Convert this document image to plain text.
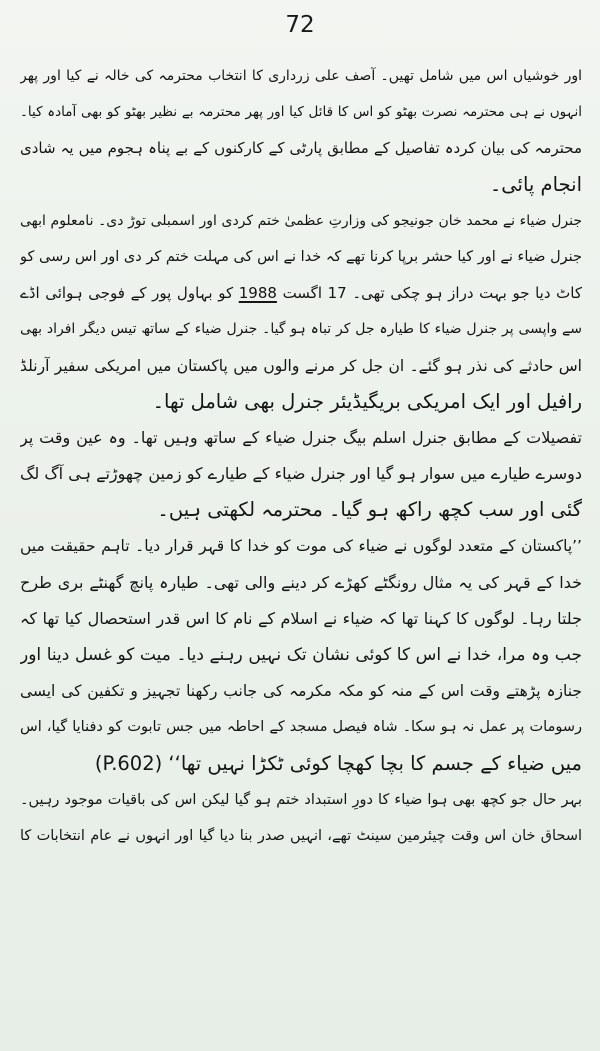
72
اور خوشیاں اس میں شامل تھیں۔ آصف علی زرداری کا انتخاب محترمہ کی خالہ نے کیا اور پھر
انہوں نے ہی محترمہ نصرت بھٹو کو اس کا قائل کیا اور پھر محترمہ بے نظیر بھٹو کو بھی آمادہ کیا۔
محترمہ کی بیان کردہ تفاصیل کے مطابق پارٹی کے کارکنوں کے بے پناہ ہجوم میں یہ شادی
انجام پائی۔
جنرل ضیاء نے محمد خان جونیجو کی وزارتِ عظمیٰ ختم کردی اور اسمبلی توڑ دی۔ نامعلوم ابھی
جنرل ضیاء نے اور کیا حشر برپا کرنا تھے کہ خدا نے اس کی مہلت ختم کر دی اور اس رسی کو
کاٹ دیا جو بہت دراز ہو چکی تھی۔ 17 اگست 1988 کو بہاول پور کے فوجی ہوائی اڈے
سے واپسی پر جنرل ضیاء کا طیارہ جل کر تباہ ہو گیا۔ جنرل ضیاء کے ساتھ تیس دیگر افراد بھی
اس حادثے کی نذر ہو گئے۔ ان جل کر مرنے والوں میں پاکستان میں امریکی سفیر آرنلڈ
رافیل اور ایک امریکی بریگیڈیئر جنرل بھی شامل تھا۔
تفصیلات کے مطابق جنرل اسلم بیگ جنرل ضیاء کے ساتھ وہیں تھا۔ وہ عین وقت پر
دوسرے طیارے میں سوار ہو گیا اور جنرل ضیاء کے طیارے کو زمین چھوڑتے ہی آگ لگ
گئی اور سب کچھ راکھ ہو گیا۔ محترمہ لکھتی ہیں۔
’’پاکستان کے متعدد لوگوں نے ضیاء کی موت کو خدا کا قہر قرار دیا۔ تاہم حقیقت میں
خدا کے قہر کی یہ مثال رونگٹے کھڑے کر دینے والی تھی۔ طیارہ پانچ گھنٹے بری طرح
جلتا رہا۔ لوگوں کا کہنا تھا کہ ضیاء نے اسلام کے نام کا اس قدر استحصال کیا تھا کہ
جب وہ مرا، خدا نے اس کا کوئی نشان تک نہیں رہنے دیا۔ میت کو غسل دینا اور
جنازہ پڑھتے وقت اس کے منہ کو مکہ مکرمہ کی جانب رکھنا تجہیز و تکفین کی ایسی
رسومات پر عمل نہ ہو سکا۔ شاہ فیصل مسجد کے احاطہ میں جس تابوت کو دفنایا گیا، اس
میں ضیاء کے جسم کا بچا کھچا کوئی ٹکڑا نہیں تھا‘‘ (P.602)
بہر حال جو کچھ بھی ہوا ضیاء کا دورِ استبداد ختم ہو گیا لیکن اس کی باقیات موجود رہیں۔
اسحاق خان اس وقت چیئرمین سینٹ تھے، انہیں صدر بنا دیا گیا اور انہوں نے عام انتخابات کا
